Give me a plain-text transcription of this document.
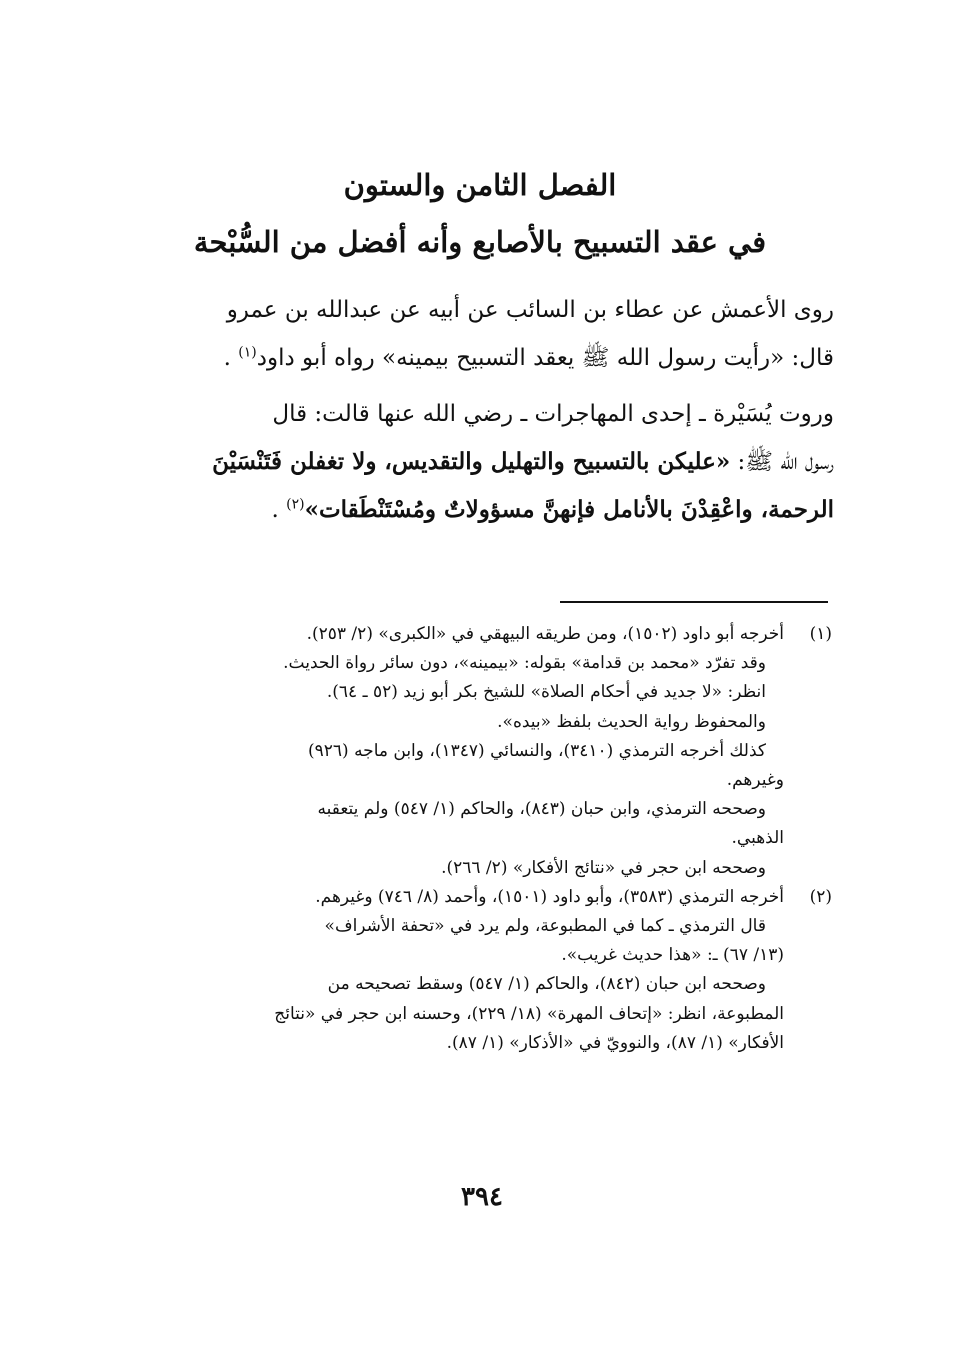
الفصل الثامن والستون
في عقد التسبيح بالأصابع وأنه أفضل من السُّبْحة
روى الأعمش عن عطاء بن السائب عن أبيه عن عبدالله بن عمرو
قال: «رأيت رسول الله ﷺ يعقد التسبيح بيمينه» رواه أبو داود$^{(١)}$ .
وروت يُسَيْرة ـ إحدى المهاجرات ـ رضي الله عنها قالت: قال
رسول الله ﷺ: «عليكن بالتسبيح والتهليل والتقديس، ولا تغفلن فَتَنْسَيْنَ
الرحمة، واعْقِدْنَ بالأنامل فإنهنَّ مسؤولاتٌ ومُسْتَنْطَقات»$^{(٢)}$ .
(١)
أخرجه أبو داود (١٥٠٢)، ومن طريقه البيهقي في «الكبرى» (٢/ ٢٥٣).
وقد تفرّد «محمد بن قدامة» بقوله: «بيمينه»، دون سائر رواة الحديث.
انظر: «لا جديد في أحكام الصلاة» للشيخ بكر أبو زيد (٥٢ ـ ٦٤).
والمحفوظ رواية الحديث بلفظ «بيده».
كذلك أخرجه الترمذي (٣٤١٠)، والنسائي (١٣٤٧)، وابن ماجه (٩٢٦)
وغيرهم.
وصححه الترمذي، وابن حبان (٨٤٣)، والحاكم (١/ ٥٤٧) ولم يتعقبه
الذهبي.
وصححه ابن حجر في «نتائج الأفكار» (٢/ ٢٦٦).
(٢)
أخرجه الترمذي (٣٥٨٣)، وأبو داود (١٥٠١)، وأحمد (٨/ ٧٤٦) وغيرهم.
قال الترمذي ـ كما في المطبوعة، ولم يرد في «تحفة الأشراف»
(١٣/ ٦٧) ـ: «هذا حديث غريب».
وصححه ابن حبان (٨٤٢)، والحاكم (١/ ٥٤٧) وسقط تصحيحه من
المطبوعة، انظر: «إتحاف المهرة» (١٨/ ٢٢٩)، وحسنه ابن حجر في «نتائج
الأفكار» (١/ ٨٧)، والنوويّ في «الأذكار» (١/ ٨٧).
٣٩٤
